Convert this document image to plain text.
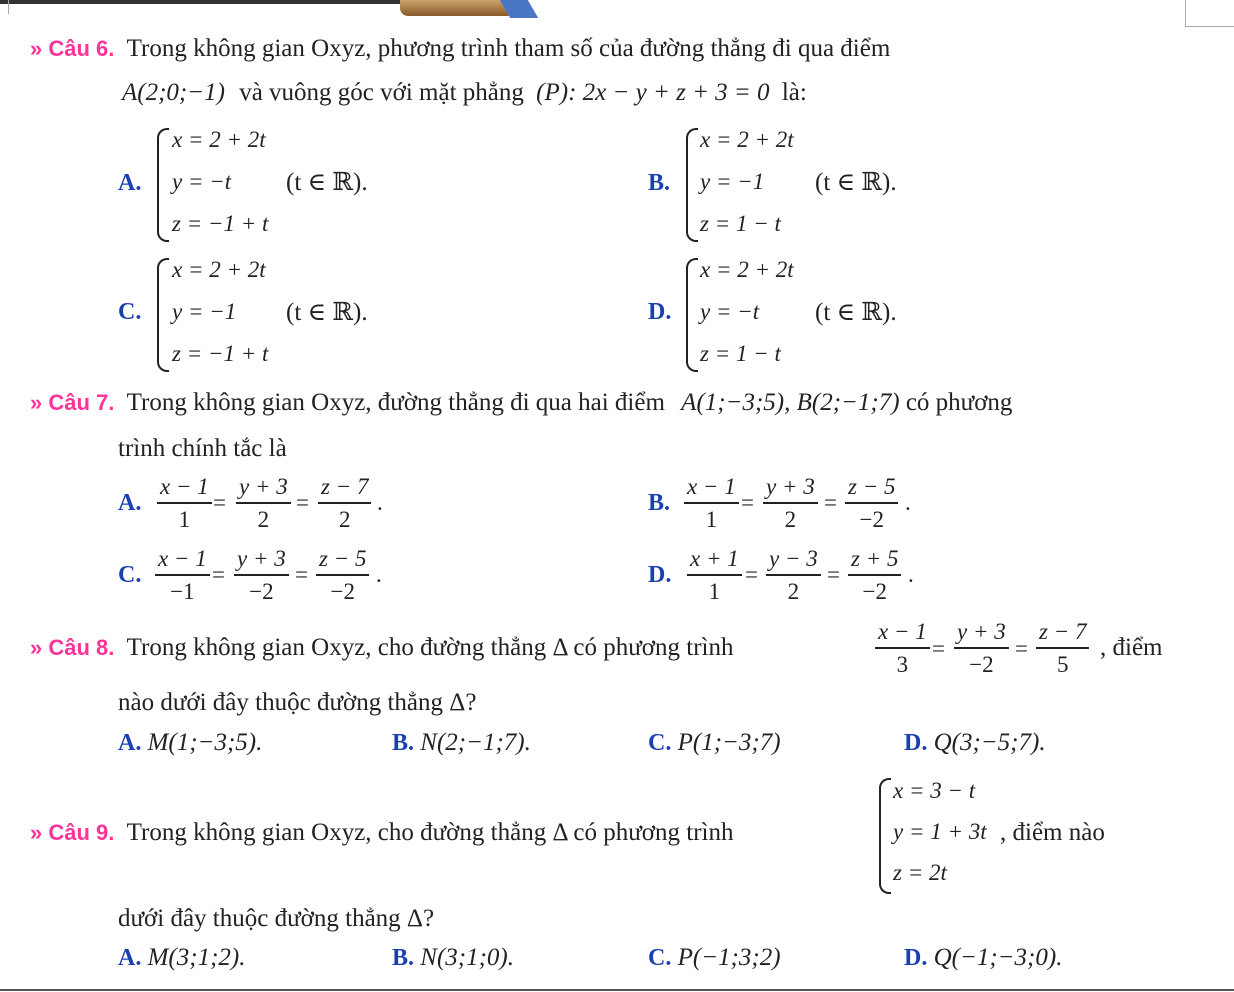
» Câu 6. Trong không gian Oxyz, phương trình tham số của đường thẳng đi qua điểm
A(2;0;−1) và vuông góc với mặt phẳng (P): 2x − y + z + 3 = 0 là:
A.
x = 2 + 2t
y = −t
z = −1 + t
(t ∈ ℝ).	B.
x = 2 + 2t
y = −1
z = 1 − t
(t ∈ ℝ).
C.
x = 2 + 2t
y = −1
z = −1 + t
(t ∈ ℝ).	D.
x = 2 + 2t
y = −t
z = 1 − t
(t ∈ ℝ).
» Câu 7. Trong không gian Oxyz, đường thẳng đi qua hai điểm A(1;−3;5), B(2;−1;7) có phương
trình chính tắc là
A.
x − 1
1
=
y + 3
2
=
z − 7
2
.	B.
x − 1
1
=
y + 3
2
=
z − 5
−2
.
C.
x − 1
−1
=
y + 3
−2
=
z − 5
−2
.	D.
x + 1
1
=
y − 3
2
=
z + 5
−2
.
» Câu 8. Trong không gian Oxyz, cho đường thẳng Δ có phương trình
x − 1
3
=
y + 3
−2
=
z − 7
5
, điểm
nào dưới đây thuộc đường thẳng Δ?
A. M(1;−3;5).	B. N(2;−1;7).	C. P(1;−3;7)	D. Q(3;−5;7).
» Câu 9. Trong không gian Oxyz, cho đường thẳng Δ có phương trình
x = 3 − t
y = 1 + 3t
z = 2t
, điểm nào
dưới đây thuộc đường thẳng Δ?
A. M(3;1;2).	B. N(3;1;0).	C. P(−1;3;2)	D. Q(−1;−3;0).
